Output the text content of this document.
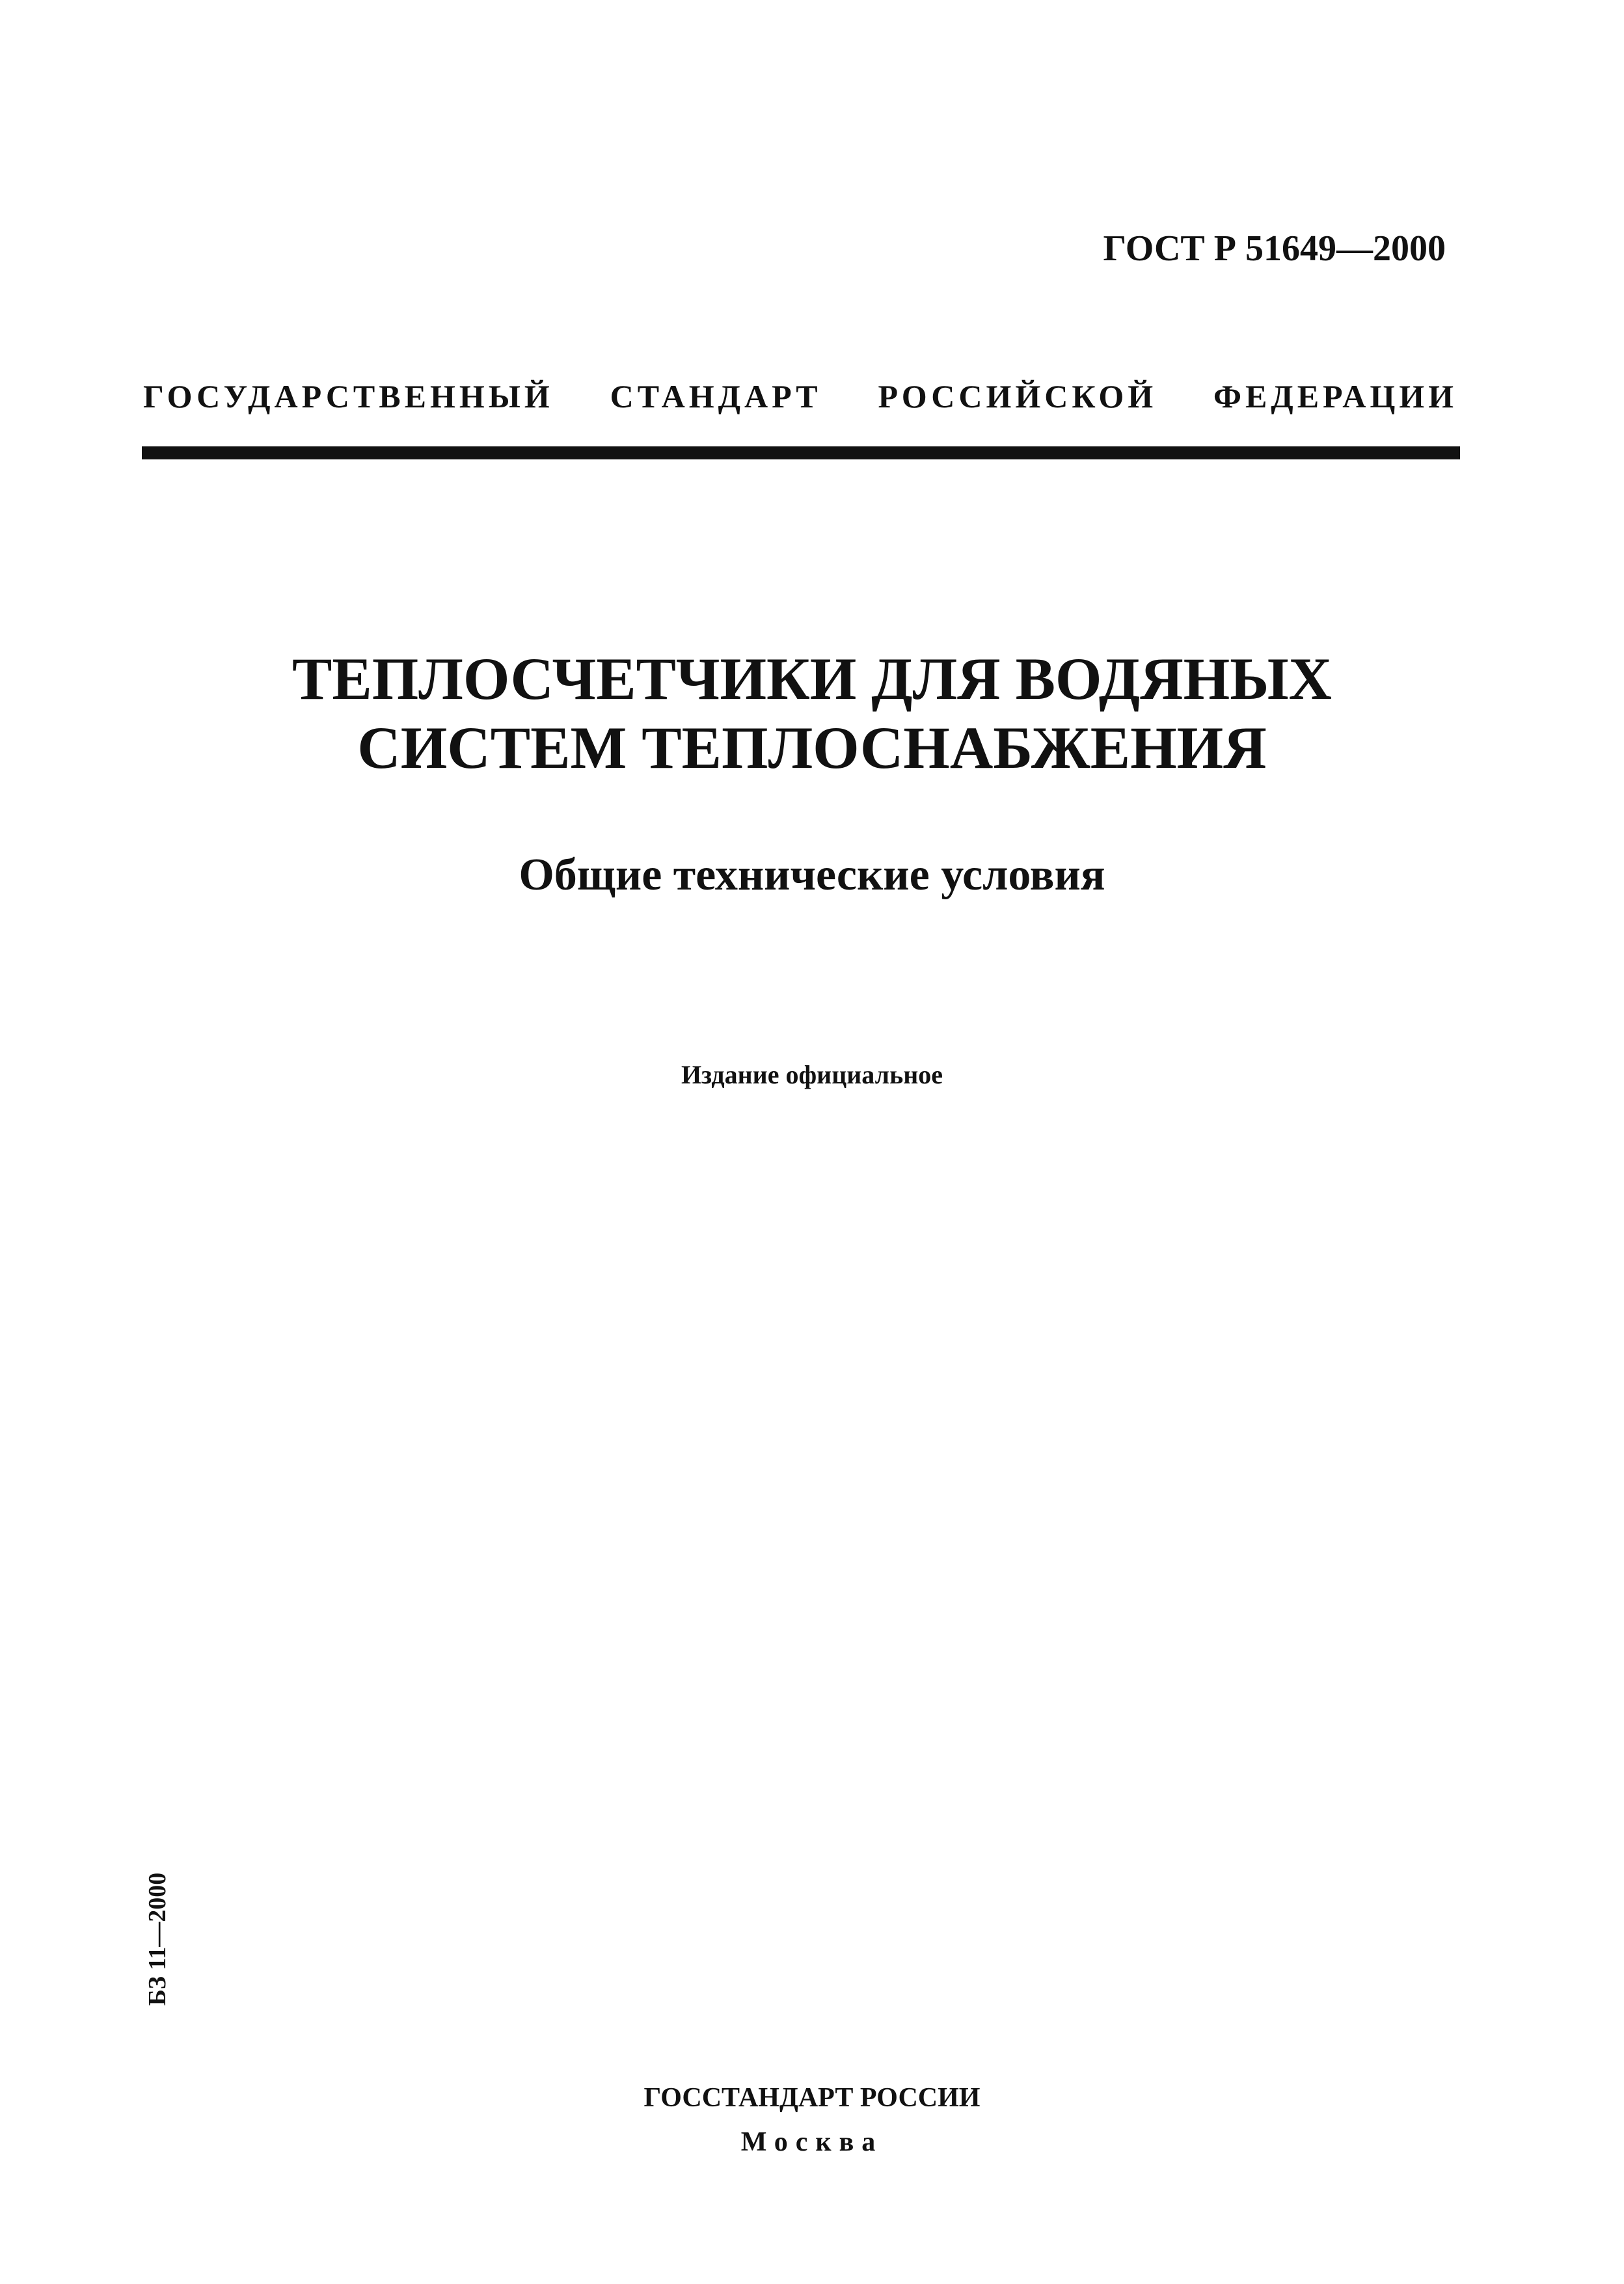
ГОСТ Р 51649—2000
ГОСУДАРСТВЕННЫЙ СТАНДАРТ РОССИЙСКОЙ ФЕДЕРАЦИИ
ТЕПЛОСЧЕТЧИКИ ДЛЯ ВОДЯНЫХ
СИСТЕМ ТЕПЛОСНАБЖЕНИЯ
Общие технические условия
Издание официальное
БЗ 11—2000
ГОССТАНДАРТ РОССИИ
Москва
